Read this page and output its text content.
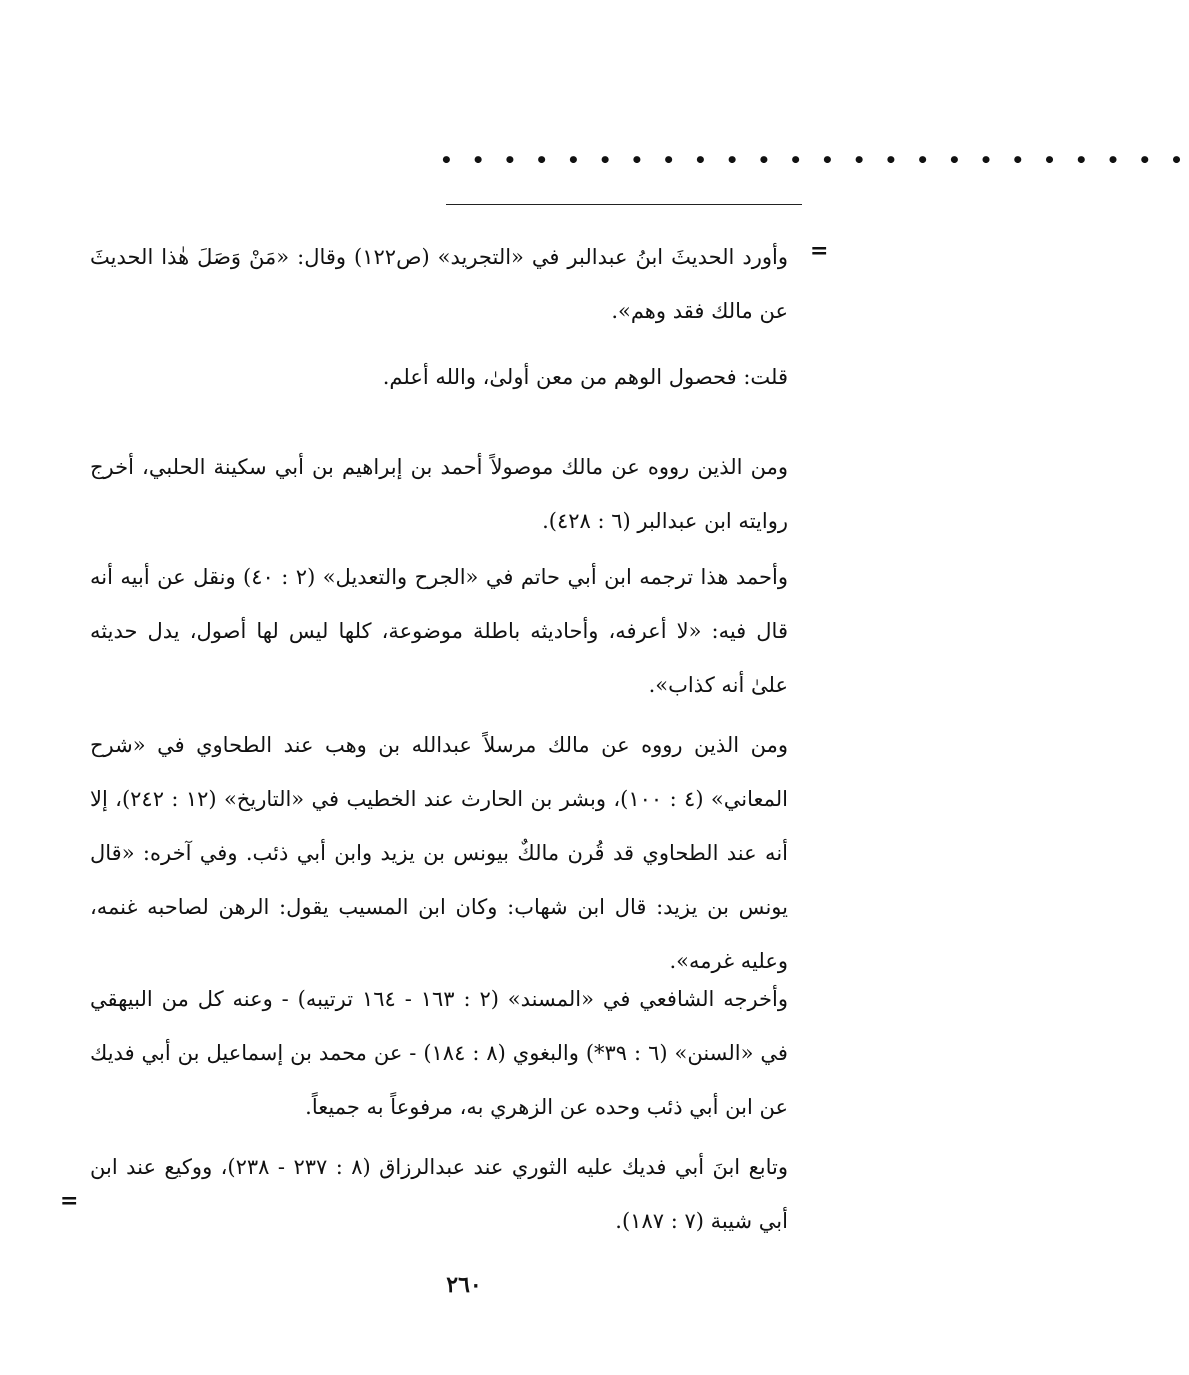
• • • • • • • • • • • • • • • • • • • • • • • •
=

وأورد الحديثَ ابنُ عبدالبر في «التجريد» (ص١٢٢) وقال: «مَنْ وَصَلَ هٰذا الحديثَ عن مالك فقد وهم».

قلت: فحصول الوهم من معن أولىٰ، والله أعلم.

ومن الذين رووه عن مالك موصولاً أحمد بن إبراهيم بن أبي سكينة الحلبي، أخرج روايته ابن عبدالبر (٦ : ٤٢٨).

وأحمد هذا ترجمه ابن أبي حاتم في «الجرح والتعديل» (٢ : ٤٠) ونقل عن أبيه أنه قال فيه: «لا أعرفه، وأحاديثه باطلة موضوعة، كلها ليس لها أصول، يدل حديثه علىٰ أنه كذاب».

ومن الذين رووه عن مالك مرسلاً عبدالله بن وهب عند الطحاوي في «شرح المعاني» (٤ : ١٠٠)، وبشر بن الحارث عند الخطيب في «التاريخ» (١٢ : ٢٤٢)، إلا أنه عند الطحاوي قد قُرن مالكٌ بيونس بن يزيد وابن أبي ذئب. وفي آخره: «قال يونس بن يزيد: قال ابن شهاب: وكان ابن المسيب يقول: الرهن لصاحبه غنمه، وعليه غرمه».

وأخرجه الشافعي في «المسند» (٢ : ١٦٣ - ١٦٤ ترتيبه) - وعنه كل من البيهقي في «السنن» (٦ : ٣٩*) والبغوي (٨ : ١٨٤) - عن محمد بن إسماعيل بن أبي فديك عن ابن أبي ذئب وحده عن الزهري به، مرفوعاً به جميعاً.

وتابع ابنَ أبي فديك عليه الثوري عند عبدالرزاق (٨ : ٢٣٧ - ٢٣٨)، ووكيع عند ابن أبي شيبة (٧ : ١٨٧).

=
٢٦٠
